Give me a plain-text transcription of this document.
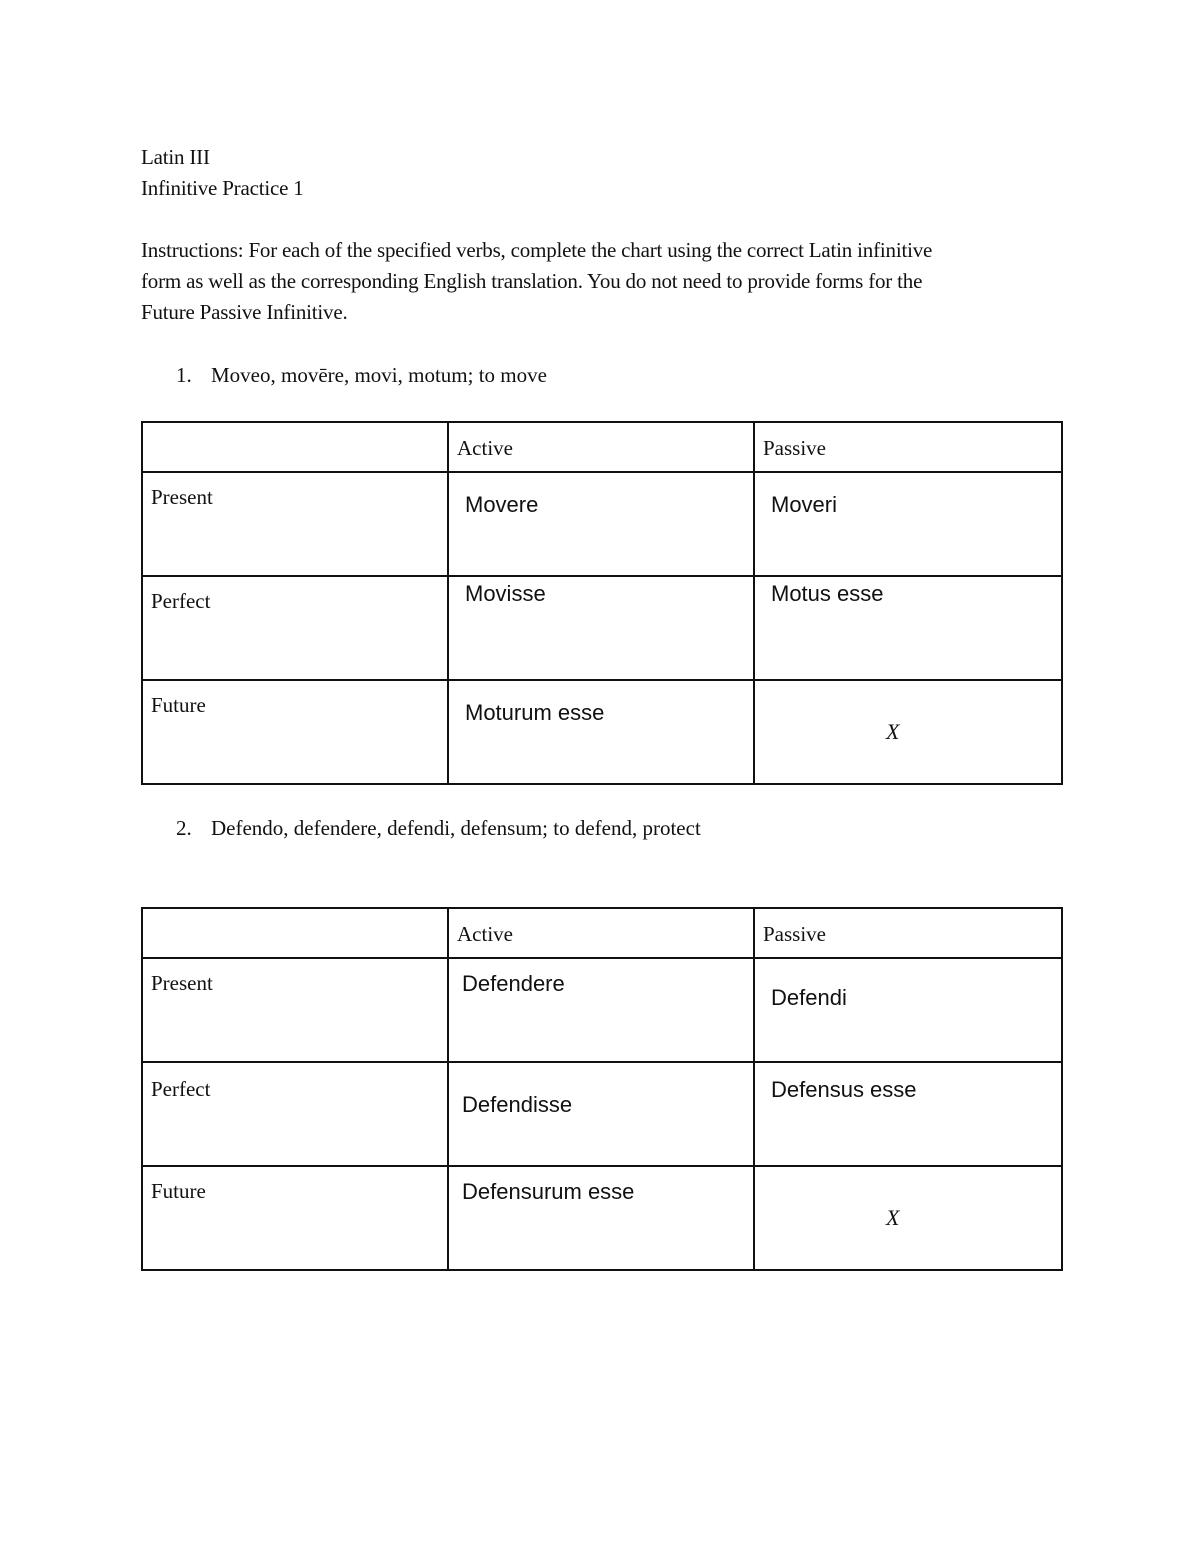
Latin III
Infinitive Practice 1
Instructions: For each of the specified verbs, complete the chart using the correct Latin infinitive
form as well as the corresponding English translation. You do not need to provide forms for the
Future Passive Infinitive.
1. Moveo, movēre, movi, motum; to move

	Active	Passive

Present	Movere	Moveri

Perfect	Movisse	Motus esse

Future	Moturum esse	X
2. Defendo, defendere, defendi, defensum; to defend, protect

	Active	Passive

Present	Defendere	Defendi

Perfect	Defendisse	Defensus esse

Future	Defensurum esse	X
